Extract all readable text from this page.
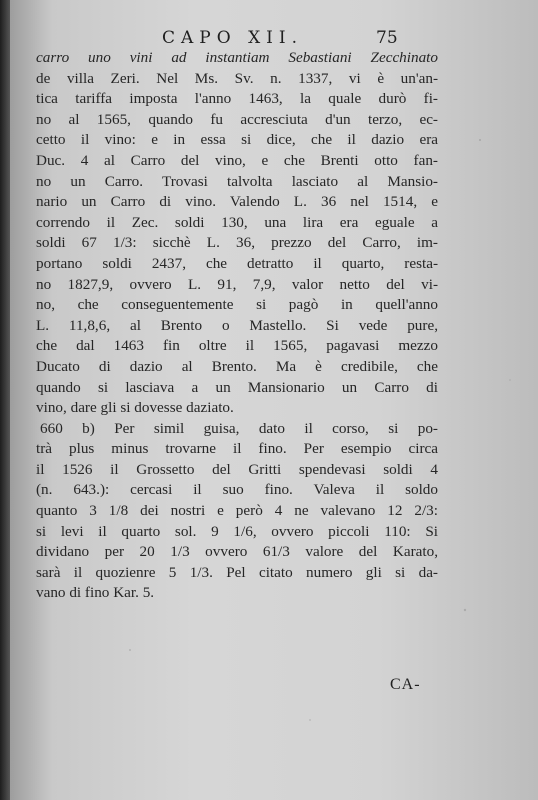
CAPO XII.	75
carro uno vini ad instantiam Sebastiani Zecchinato
de villa Zeri. Nel Ms. Sv. n. 1337, vi è un'an-
tica tariffa imposta l'anno 1463, la quale durò fi-
no al 1565, quando fu accresciuta d'un terzo, ec-
cetto il vino: e in essa si dice, che il dazio era
Duc. 4 al Carro del vino, e che Brenti otto fan-
no un Carro. Trovasi talvolta lasciato al Mansio-
nario un Carro di vino. Valendo L. 36 nel 1514, e
correndo il Zec. soldi 130, una lira era eguale a
soldi 67 1/3: sicchè L. 36, prezzo del Carro, im-
portano soldi 2437, che detratto il quarto, resta-
no 1827,9, ovvero L. 91, 7,9, valor netto del vi-
no, che conseguentemente si pagò in quell'anno
L. 11,8,6, al Brento o Mastello. Si vede pure,
che dal 1463 fin oltre il 1565, pagavasi mezzo
Ducato di dazio al Brento. Ma è credibile, che
quando si lasciava a un Mansionario un Carro di
vino, dare gli si dovesse daziato.
660 b) Per simil guisa, dato il corso, si po-
trà plus minus trovarne il fino. Per esempio circa
il 1526 il Grossetto del Gritti spendevasi soldi 4
(n. 643.): cercasi il suo fino. Valeva il soldo
quanto 3 1/8 dei nostri e però 4 ne valevano 12 2/3:
si levi il quarto sol. 9 1/6, ovvero piccoli 110: Si
dividano per 20 1/3 ovvero 61/3 valore del Karato,
sarà il quozienre 5 1/3. Pel citato numero gli si da-
vano di fino Kar. 5.
CA-
